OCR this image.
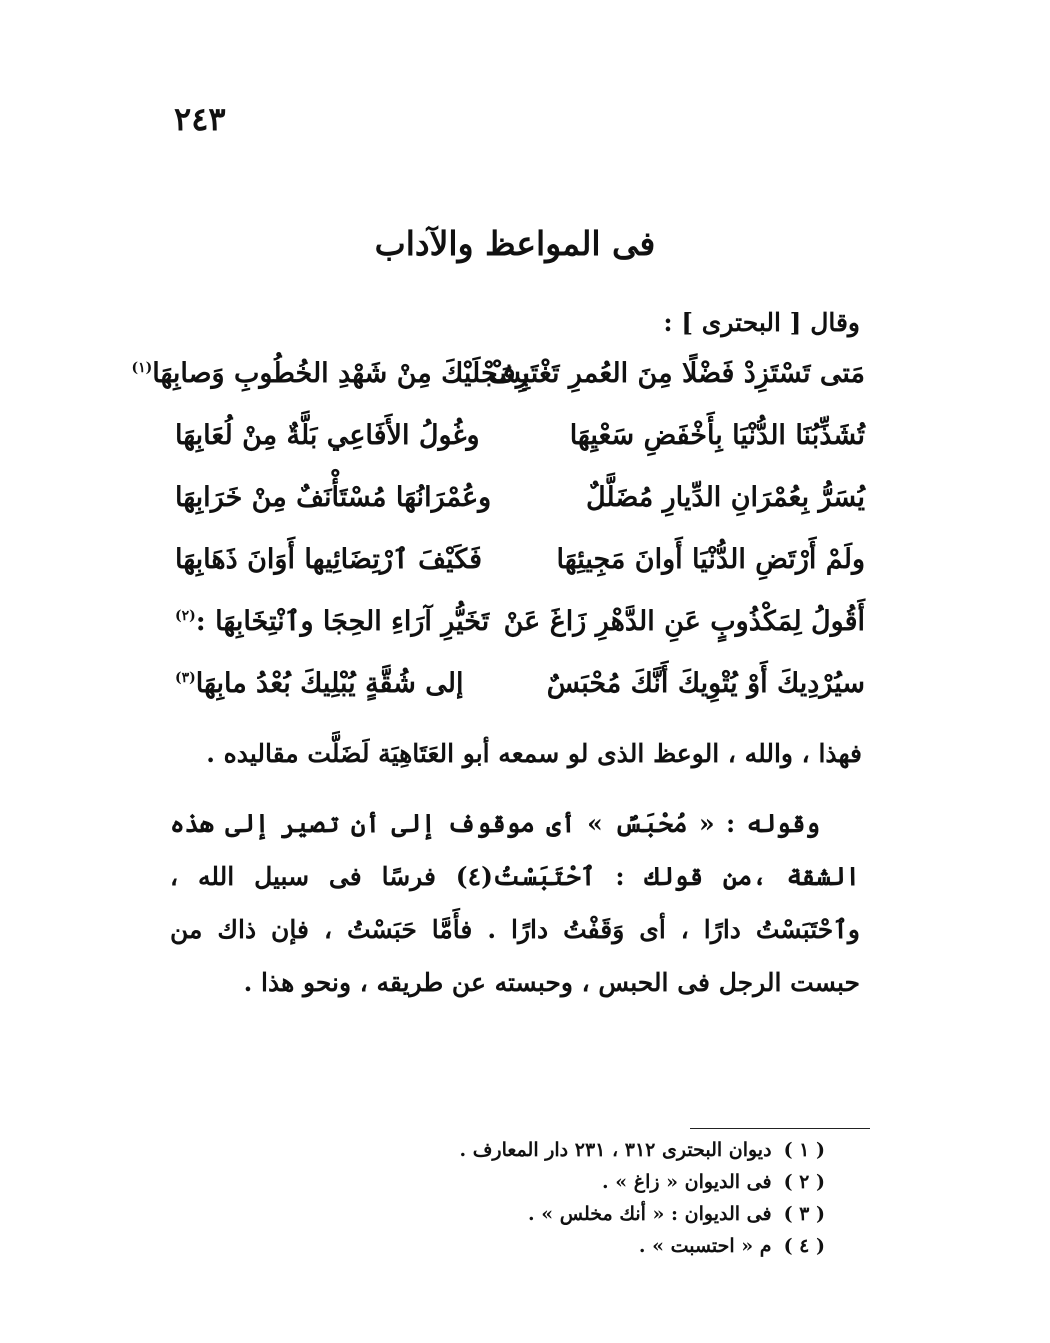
٢٤٣
فى المواعظ والآداب
وقال [ البحترى ] :
مَتى تَسْتَزِدْ فَضْلًا مِنَ العُمرِ تَغْتَرِفْ
بِسَجْلَيْكَ مِنْ شَهْدِ الخُطُوبِ وَصابِهَا$^{(١)}$
تُشَذِّبُنَا الدُّنْيَا بِأَخْفَضِ سَعْيِهَا
وغُولُ الأَفَاعِي بَلَّةٌ مِنْ لُعَابِهَا
يُسَرُّ بِعُمْرَانِ الدِّيارِ مُضَلَّلٌ
وعُمْرَانُهَا مُسْتَأْنَفٌ مِنْ خَرَابِهَا
ولَمْ أَرْتَضِ الدُّنْيَا أَوانَ مَجِيئِهَا
فَكَيْفَ ٱرْتِضَائِيها أَوَانَ ذَهَابِهَا
أَقُولُ لِمَكْذُوبٍ عَنِ الدَّهْرِ زَاغَ عَنْ
تَخَيُّرِ آرَاءِ الحِجَا وٱنْتِخَابِهَا :$^{(٢)}$
سيُرْدِيكَ أَوْ يُتْوِيكَ أَنَّكَ مُحْبَسٌ
إلى شُقَّةٍ يُبْلِيكَ بُعْدُ مابِهَا$^{(٣)}$
فهذا ، والله ، الوعظ الذى لو سمعه أبو العَتَاهِيَة لَضَلَّت مقاليده .
وقوله : « مُحْبَسٌ » أى موقوف إلى أن تصير إلى هذه الشقة ،من قولك : ٱحْتَبَسْتُ(٤) فرسًا فى سبيل الله ، وٱحْتَبَسْتُ دارًا ، أى وَقَفْتُ دارًا . فأَمَّا حَبَسْتُ ، فإن ذاك من حبست الرجل فى الحبس ، وحبسته عن طريقه ، ونحو هذا .
( ١ )ديوان البحترى ٣١٢ ، ٢٣١ دار المعارف .
( ٢ )فى الديوان « زاغ » .
( ٣ )فى الديوان : « أنك مخلس » .
( ٤ )م « احتسبت » .
